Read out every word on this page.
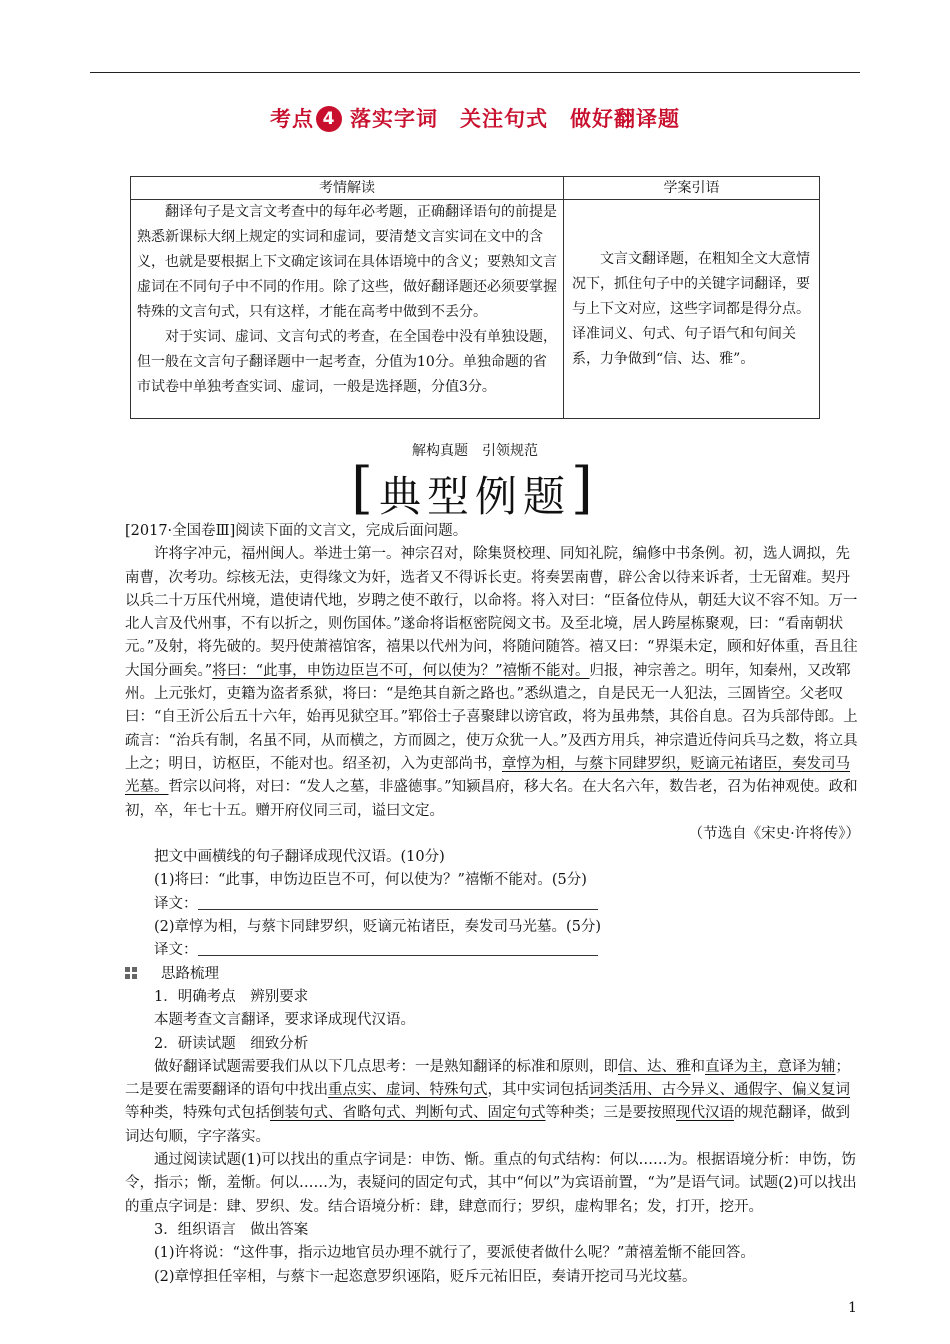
考点 4 落实字词 关注句式 做好翻译题
考情解读	学案引语

翻译句子是文言文考查中的每年必考题，正确翻译语句的前提是熟悉新课标大纲上规定的实词和虚词，要清楚文言实词在文中的含义，也就是要根据上下文确定该词在具体语境中的含义；要熟知文言虚词在不同句子中不同的作用。除了这些，做好翻译题还必须要掌握特殊的文言句式，只有这样，才能在高考中做到不丢分。

对于实词、虚词、文言句式的考查，在全国卷中没有单独设题，但一般在文言句子翻译题中一起考查，分值为10分。单独命题的省市试卷中单独考查实词、虚词，一般是选择题，分值3分。	文言文翻译题，在粗知全文大意情况下，抓住句子中的关键字词翻译，要与上下文对应，这些字词都是得分点。译准词义、句式、句子语气和句间关系，力争做到“信、达、雅”。

解构真题　引领规范
[典型例题]

[2017·全国卷Ⅲ]阅读下面的文言文，完成后面问题。

许将字冲元，福州闽人。举进士第一。神宗召对，除集贤校理、同知礼院，编修中书条例。初，选人调拟，先南曹，次考功。综核无法，吏得缘文为奸，选者又不得诉长吏。将奏罢南曹，辟公舍以待来诉者，士无留难。契丹以兵二十万压代州境，遣使请代地，岁聘之使不敢行，以命将。将入对曰：“臣备位侍从，朝廷大议不容不知。万一北人言及代州事，不有以折之，则伤国体。”遂命将诣枢密院阅文书。及至北境，居人跨屋栋聚观，曰：“看南朝状元。”及射，将先破的。契丹使萧禧馆客，禧果以代州为问，将随问随答。禧又曰：“界渠未定，顾和好体重，吾且往大国分画矣。”将曰：“此事，申饬边臣岂不可，何以使为？”禧惭不能对。归报，神宗善之。明年，知秦州，又改郓州。上元张灯，吏籍为盗者系狱，将曰：“是绝其自新之路也。”悉纵遣之，自是民无一人犯法，三圄皆空。父老叹曰：“自王沂公后五十六年，始再见狱空耳。”郓俗士子喜聚肆以谤官政，将为虽弗禁，其俗自息。召为兵部侍郎。上疏言：“治兵有制，名虽不同，从而横之，方而圆之，使万众犹一人。”及西方用兵，神宗遣近侍问兵马之数，将立具上之；明日，访枢臣，不能对也。绍圣初，入为吏部尚书，章惇为相，与蔡卞同肆罗织，贬谪元祐诸臣，奏发司马光墓。哲宗以问将，对曰：“发人之墓，非盛德事。”知颍昌府，移大名。在大名六年，数告老，召为佑神观使。政和初，卒，年七十五。赠开府仪同三司，谥曰文定。

（节选自《宋史·许将传》）

把文中画横线的句子翻译成现代汉语。(10分)

(1)将曰：“此事，申饬边臣岂不可，何以使为？”禧惭不能对。(5分)

译文：

(2)章惇为相，与蔡卞同肆罗织，贬谪元祐诸臣，奏发司马光墓。(5分)

译文：

思路梳理

1．明确考点　辨别要求

本题考查文言翻译，要求译成现代汉语。

2．研读试题　细致分析

做好翻译试题需要我们从以下几点思考：一是熟知翻译的标准和原则，即信、达、雅和直译为主，意译为辅；二是要在需要翻译的语句中找出重点实、虚词、特殊句式，其中实词包括词类活用、古今异义、通假字、偏义复词等种类，特殊句式包括倒装句式、省略句式、判断句式、固定句式等种类；三是要按照现代汉语的规范翻译，做到词达句顺，字字落实。

通过阅读试题(1)可以找出的重点字词是：申饬、惭。重点的句式结构：何以……为。根据语境分析：申饬，饬令，指示；惭，羞惭。何以……为，表疑问的固定句式，其中“何以”为宾语前置，“为”是语气词。试题(2)可以找出的重点字词是：肆、罗织、发。结合语境分析：肆，肆意而行；罗织，虚构罪名；发，打开，挖开。

3．组织语言　做出答案

(1)许将说：“这件事，指示边地官员办理不就行了，要派使者做什么呢？”萧禧羞惭不能回答。

(2)章惇担任宰相，与蔡卞一起恣意罗织诬陷，贬斥元祐旧臣，奏请开挖司马光坟墓。

1
